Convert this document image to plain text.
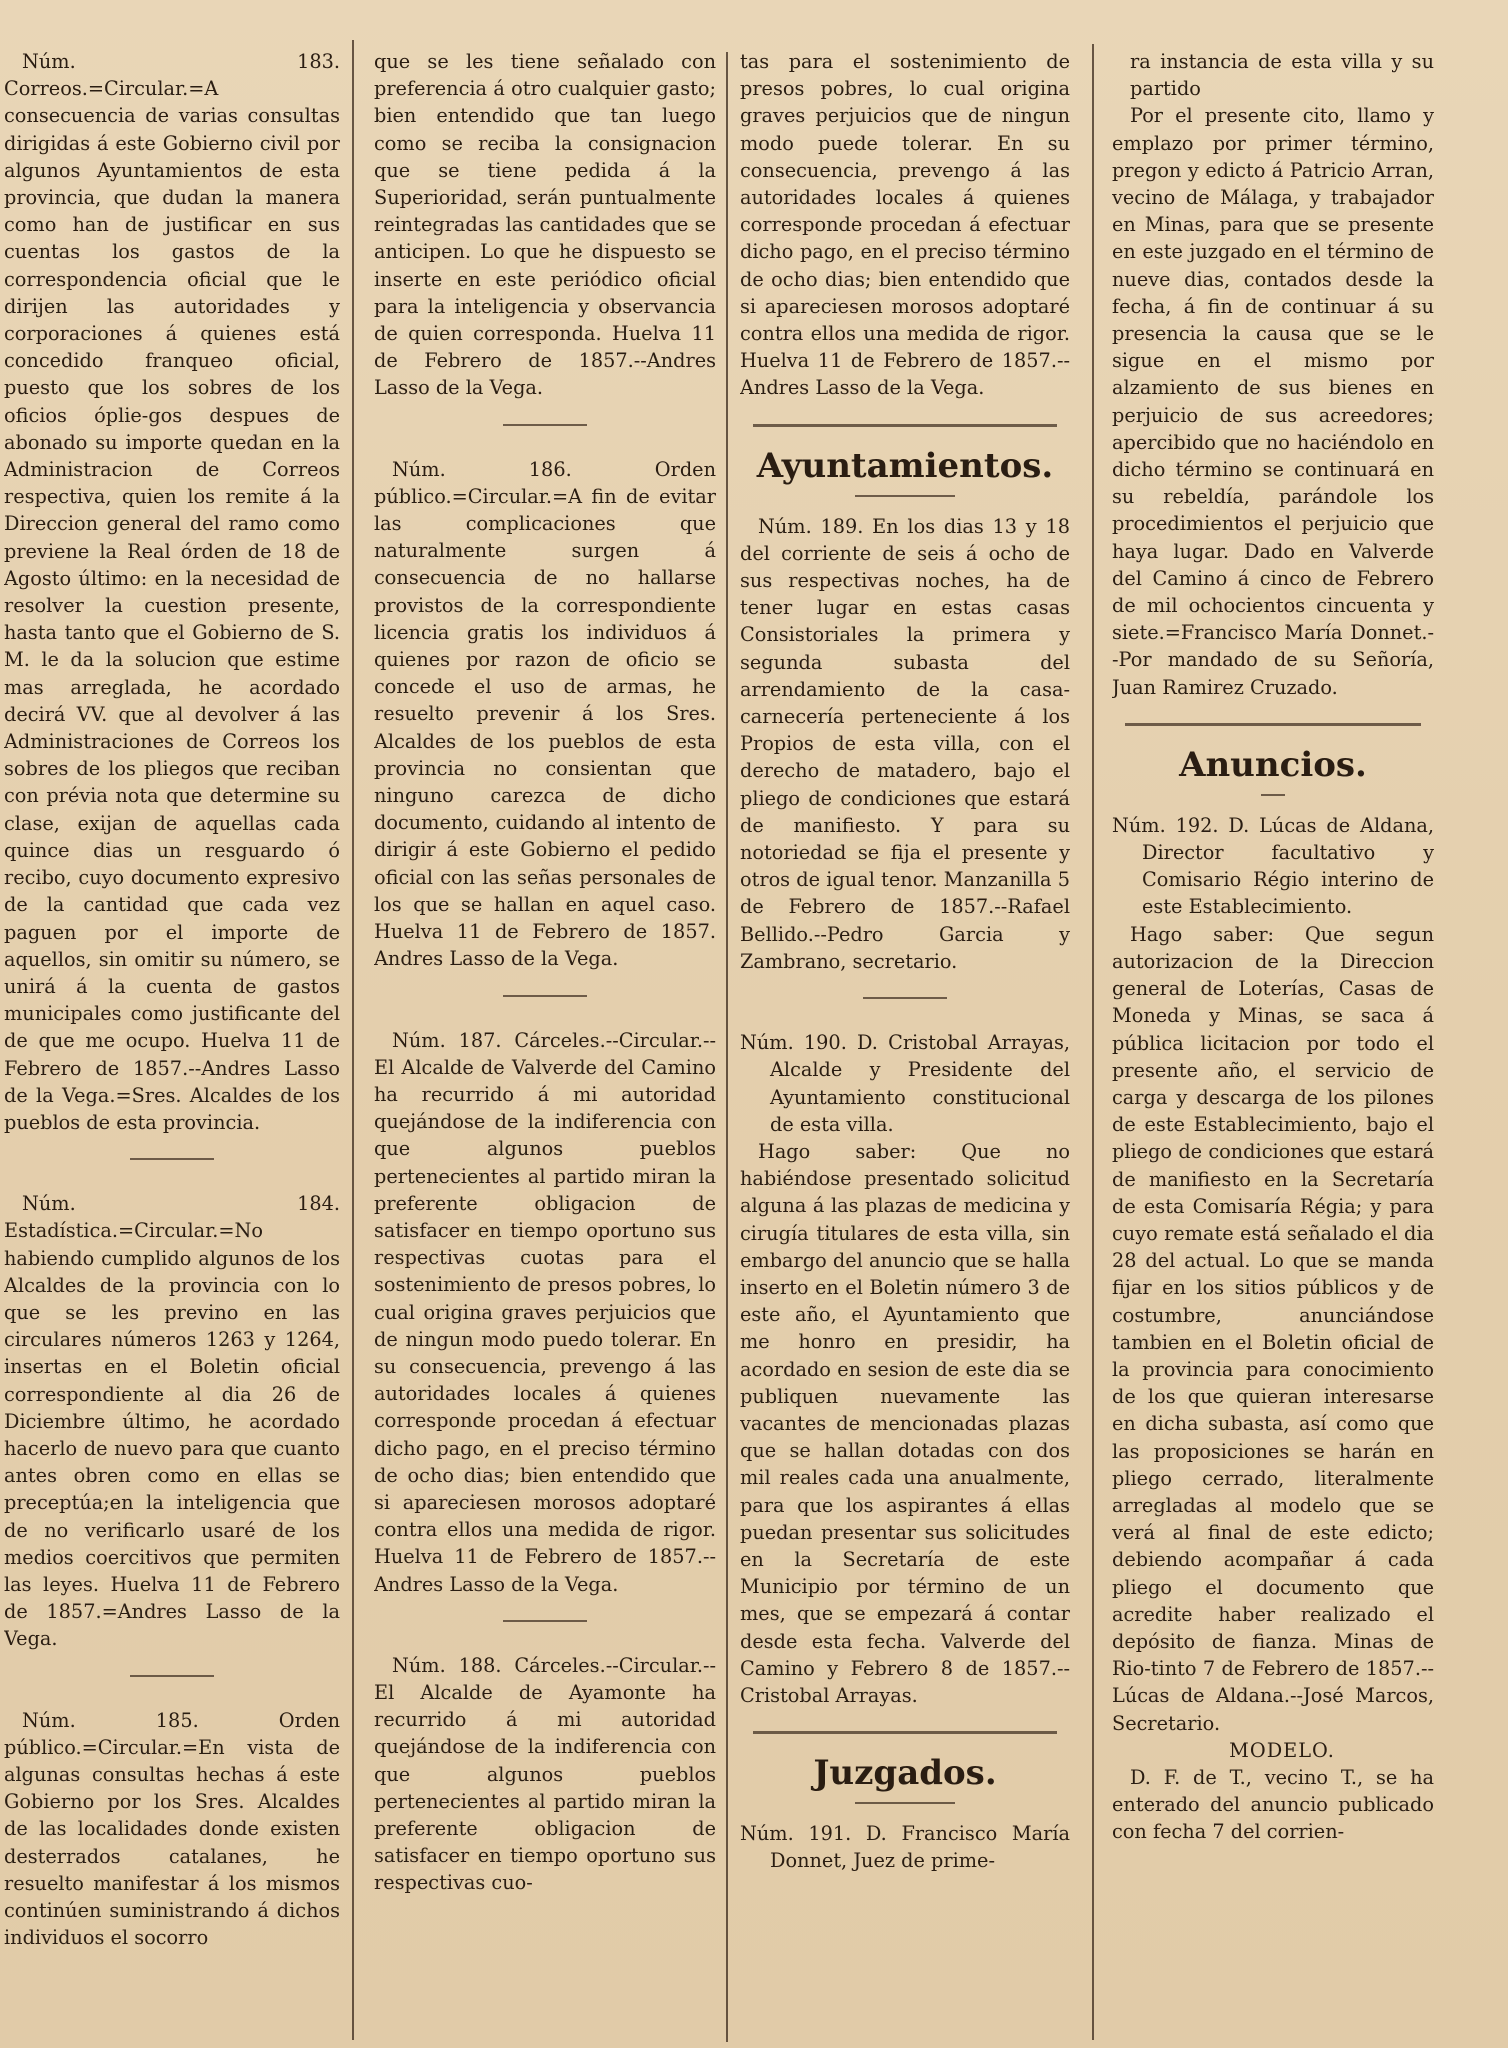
Núm. 183. Correos.=Circular.=A consecuencia de varias consultas dirigidas á este Gobierno civil por algunos Ayuntamientos de esta provincia, que dudan la manera como han de justificar en sus cuentas los gastos de la correspondencia oficial que le dirijen las autoridades y corporaciones á quienes está concedido franqueo oficial, puesto que los sobres de los oficios óplie-gos despues de abonado su importe quedan en la Administracion de Correos respectiva, quien los remite á la Direccion general del ramo como previene la Real órden de 18 de Agosto último: en la necesidad de resolver la cuestion presente, hasta tanto que el Gobierno de S. M. le da la solucion que estime mas arreglada, he acordado decirá VV. que al devolver á las Administraciones de Correos los sobres de los pliegos que reciban con prévia nota que determine su clase, exijan de aquellas cada quince dias un resguardo ó recibo, cuyo documento expresivo de la cantidad que cada vez paguen por el importe de aquellos, sin omitir su número, se unirá á la cuenta de gastos municipales como justificante del de que me ocupo. Huelva 11 de Febrero de 1857.--Andres Lasso de la Vega.=Sres. Alcaldes de los pueblos de esta provincia.

Núm. 184. Estadística.=Circular.=No habiendo cumplido algunos de los Alcaldes de la provincia con lo que se les previno en las circulares números 1263 y 1264, insertas en el Boletin oficial correspondiente al dia 26 de Diciembre último, he acordado hacerlo de nuevo para que cuanto antes obren como en ellas se preceptúa;en la inteligencia que de no verificarlo usaré de los medios coercitivos que permiten las leyes. Huelva 11 de Febrero de 1857.=Andres Lasso de la Vega.

Núm. 185. Orden público.=Circular.=En vista de algunas consultas hechas á este Gobierno por los Sres. Alcaldes de las localidades donde existen desterrados catalanes, he resuelto manifestar á los mismos continúen suministrando á dichos individuos el socorro

que se les tiene señalado con preferencia á otro cualquier gasto; bien entendido que tan luego como se reciba la consignacion que se tiene pedida á la Superioridad, serán puntualmente reintegradas las cantidades que se anticipen. Lo que he dispuesto se inserte en este periódico oficial para la inteligencia y observancia de quien corresponda. Huelva 11 de Febrero de 1857.--Andres Lasso de la Vega.

Núm. 186. Orden público.=Circular.=A fin de evitar las complicaciones que naturalmente surgen á consecuencia de no hallarse provistos de la correspondiente licencia gratis los individuos á quienes por razon de oficio se concede el uso de armas, he resuelto prevenir á los Sres. Alcaldes de los pueblos de esta provincia no consientan que ninguno carezca de dicho documento, cuidando al intento de dirigir á este Gobierno el pedido oficial con las señas personales de los que se hallan en aquel caso. Huelva 11 de Febrero de 1857. Andres Lasso de la Vega.

Núm. 187. Cárceles.--Circular.--El Alcalde de Valverde del Camino ha recurrido á mi autoridad quejándose de la indiferencia con que algunos pueblos pertenecientes al partido miran la preferente obligacion de satisfacer en tiempo oportuno sus respectivas cuotas para el sostenimiento de presos pobres, lo cual origina graves perjuicios que de ningun modo puedo tolerar. En su consecuencia, prevengo á las autoridades locales á quienes corresponde procedan á efectuar dicho pago, en el preciso término de ocho dias; bien entendido que si apareciesen morosos adoptaré contra ellos una medida de rigor. Huelva 11 de Febrero de 1857.--Andres Lasso de la Vega.

Núm. 188. Cárceles.--Circular.--El Alcalde de Ayamonte ha recurrido á mi autoridad quejándose de la indiferencia con que algunos pueblos pertenecientes al partido miran la preferente obligacion de satisfacer en tiempo oportuno sus respectivas cuo-

tas para el sostenimiento de presos pobres, lo cual origina graves perjuicios que de ningun modo puede tolerar. En su consecuencia, prevengo á las autoridades locales á quienes corresponde procedan á efectuar dicho pago, en el preciso término de ocho dias; bien entendido que si apareciesen morosos adoptaré contra ellos una medida de rigor. Huelva 11 de Febrero de 1857.--Andres Lasso de la Vega.

Ayuntamientos.

Núm. 189. En los dias 13 y 18 del corriente de seis á ocho de sus respectivas noches, ha de tener lugar en estas casas Consistoriales la primera y segunda subasta del arrendamiento de la casa-carnecería perteneciente á los Propios de esta villa, con el derecho de matadero, bajo el pliego de condiciones que estará de manifiesto. Y para su notoriedad se fija el presente y otros de igual tenor. Manzanilla 5 de Febrero de 1857.--Rafael Bellido.--Pedro Garcia y Zambrano, secretario.

Núm. 190. D. Cristobal Arrayas, Alcalde y Presidente del Ayuntamiento constitucional de esta villa.

Hago saber: Que no habiéndose presentado solicitud alguna á las plazas de medicina y cirugía titulares de esta villa, sin embargo del anuncio que se halla inserto en el Boletin número 3 de este año, el Ayuntamiento que me honro en presidir, ha acordado en sesion de este dia se publiquen nuevamente las vacantes de mencionadas plazas que se hallan dotadas con dos mil reales cada una anualmente, para que los aspirantes á ellas puedan presentar sus solicitudes en la Secretaría de este Municipio por término de un mes, que se empezará á contar desde esta fecha. Valverde del Camino y Febrero 8 de 1857.--Cristobal Arrayas.

Juzgados.

Núm. 191. D. Francisco María Donnet, Juez de prime-

ra instancia de esta villa y su partido

Por el presente cito, llamo y emplazo por primer término, pregon y edicto á Patricio Arran, vecino de Málaga, y trabajador en Minas, para que se presente en este juzgado en el término de nueve dias, contados desde la fecha, á fin de continuar á su presencia la causa que se le sigue en el mismo por alzamiento de sus bienes en perjuicio de sus acreedores; apercibido que no haciéndolo en dicho término se continuará en su rebeldía, parándole los procedimientos el perjuicio que haya lugar. Dado en Valverde del Camino á cinco de Febrero de mil ochocientos cincuenta y siete.=Francisco María Donnet.--Por mandado de su Señoría, Juan Ramirez Cruzado.

Anuncios.

Núm. 192. D. Lúcas de Aldana, Director facultativo y Comisario Régio interino de este Establecimiento.

Hago saber: Que segun autorizacion de la Direccion general de Loterías, Casas de Moneda y Minas, se saca á pública licitacion por todo el presente año, el servicio de carga y descarga de los pilones de este Establecimiento, bajo el pliego de condiciones que estará de manifiesto en la Secretaría de esta Comisaría Régia; y para cuyo remate está señalado el dia 28 del actual. Lo que se manda fijar en los sitios públicos y de costumbre, anunciándose tambien en el Boletin oficial de la provincia para conocimiento de los que quieran interesarse en dicha subasta, así como que las proposiciones se harán en pliego cerrado, literalmente arregladas al modelo que se verá al final de este edicto; debiendo acompañar á cada pliego el documento que acredite haber realizado el depósito de fianza. Minas de Rio-tinto 7 de Febrero de 1857.--Lúcas de Aldana.--José Marcos, Secretario.

MODELO.

D. F. de T., vecino T., se ha enterado del anuncio publicado con fecha 7 del corrien-
